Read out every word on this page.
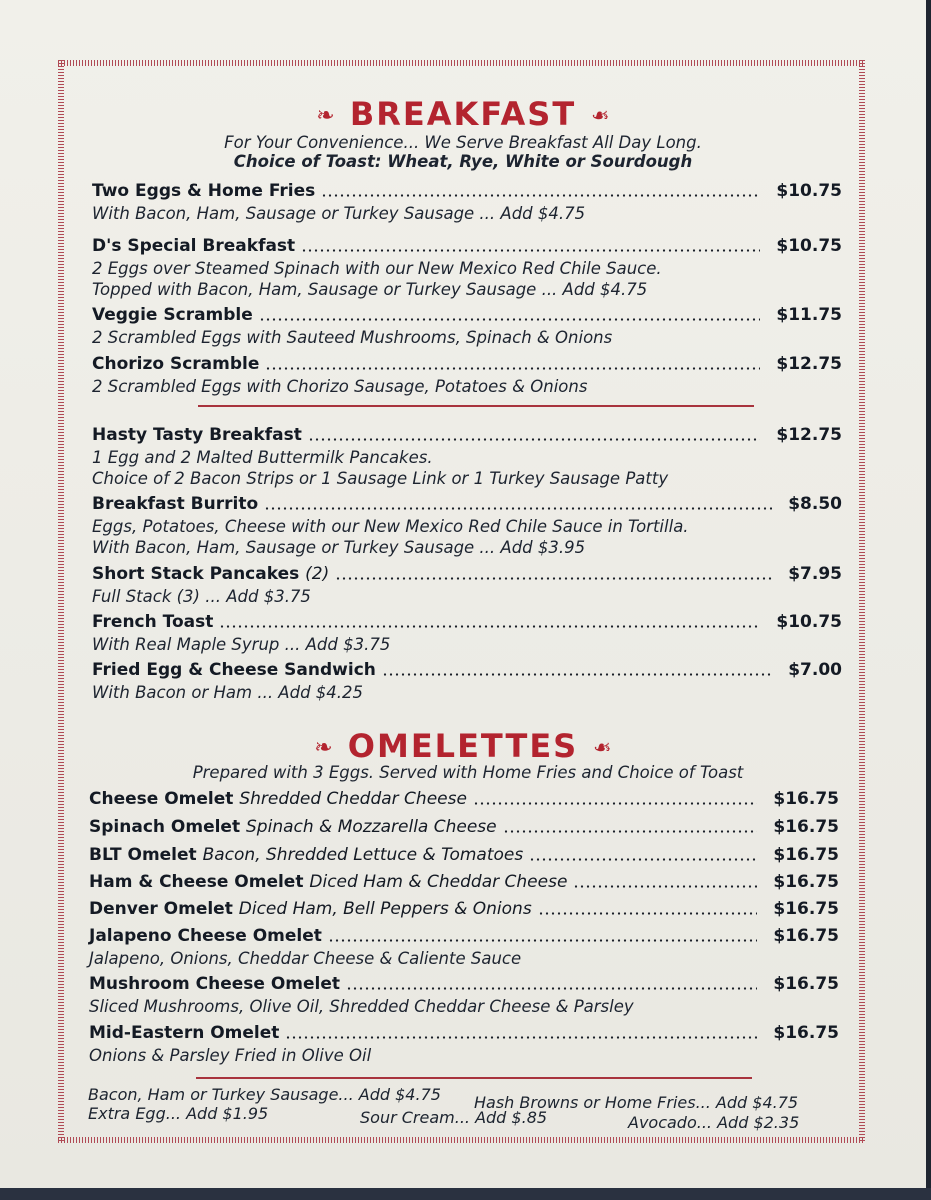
❧ BREAKFAST ❧
For Your Convenience... We Serve Breakfast All Day Long.
Choice of Toast: Wheat, Rye, White or Sourdough
Two Eggs & Home Fries	$10.75
With Bacon, Ham, Sausage or Turkey Sausage ... Add $4.75
D's Special Breakfast	$10.75
2 Eggs over Steamed Spinach with our New Mexico Red Chile Sauce.
Topped with Bacon, Ham, Sausage or Turkey Sausage ... Add $4.75
Veggie Scramble	$11.75
2 Scrambled Eggs with Sauteed Mushrooms, Spinach & Onions
Chorizo Scramble	$12.75
2 Scrambled Eggs with Chorizo Sausage, Potatoes & Onions
Hasty Tasty Breakfast	$12.75
1 Egg and 2 Malted Buttermilk Pancakes.
Choice of 2 Bacon Strips or 1 Sausage Link or 1 Turkey Sausage Patty
Breakfast Burrito	$8.50
Eggs, Potatoes, Cheese with our New Mexico Red Chile Sauce in Tortilla.
With Bacon, Ham, Sausage or Turkey Sausage ... Add $3.95
Short Stack Pancakes (2)	$7.95
Full Stack (3) ... Add $3.75
French Toast	$10.75
With Real Maple Syrup ... Add $3.75
Fried Egg & Cheese Sandwich	$7.00
With Bacon or Ham ... Add $4.25
❧ OMELETTES ❧
Prepared with 3 Eggs. Served with Home Fries and Choice of Toast
Cheese Omelet Shredded Cheddar Cheese	$16.75
Spinach Omelet Spinach & Mozzarella Cheese	$16.75
BLT Omelet Bacon, Shredded Lettuce & Tomatoes	$16.75
Ham & Cheese Omelet Diced Ham & Cheddar Cheese	$16.75
Denver Omelet Diced Ham, Bell Peppers & Onions	$16.75
Jalapeno Cheese Omelet	$16.75
Jalapeno, Onions, Cheddar Cheese & Caliente Sauce
Mushroom Cheese Omelet	$16.75
Sliced Mushrooms, Olive Oil, Shredded Cheddar Cheese & Parsley
Mid-Eastern Omelet	$16.75
Onions & Parsley Fried in Olive Oil
Bacon, Ham or Turkey Sausage... Add $4.75 Hash Browns or Home Fries... Add $4.75
Extra Egg... Add $1.95	Sour Cream... Add $.85	Avocado... Add $2.35
